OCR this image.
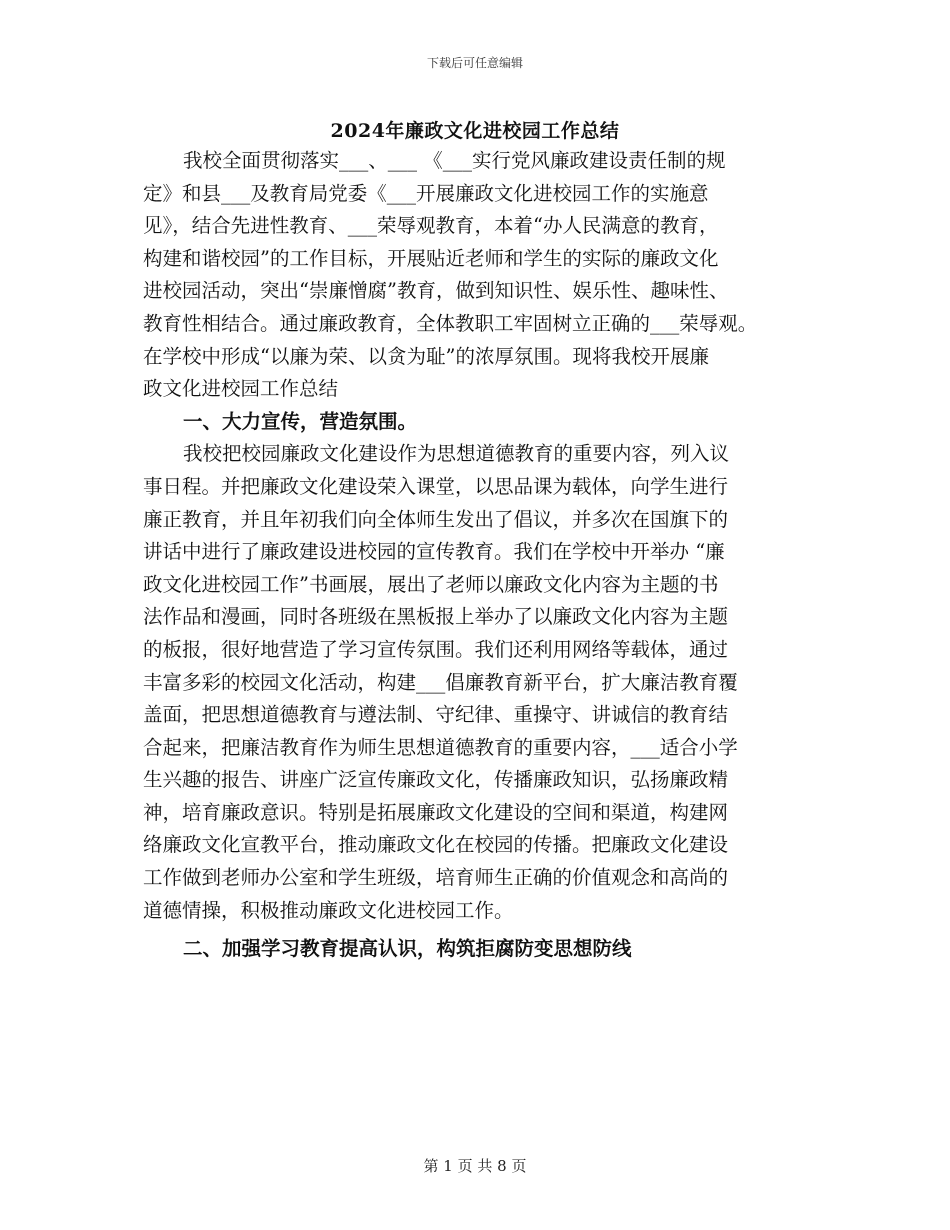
下载后可任意编辑
2024年廉政文化进校园工作总结
我校全面贯彻落实___、___ 《___实行党风廉政建设责任制的规
定》和县___及教育局党委《___开展廉政文化进校园工作的实施意
见》，结合先进性教育、___荣辱观教育，本着“办人民满意的教育，
构建和谐校园”的工作目标，开展贴近老师和学生的实际的廉政文化
进校园活动，突出“崇廉憎腐”教育，做到知识性、娱乐性、趣味性、
教育性相结合。通过廉政教育，全体教职工牢固树立正确的___荣辱观。
在学校中形成“以廉为荣、以贪为耻”的浓厚氛围。现将我校开展廉
政文化进校园工作总结
一、大力宣传，营造氛围。
我校把校园廉政文化建设作为思想道德教育的重要内容，列入议
事日程。并把廉政文化建设荣入课堂，以思品课为载体，向学生进行
廉正教育，并且年初我们向全体师生发出了倡议，并多次在国旗下的
讲话中进行了廉政建设进校园的宣传教育。我们在学校中开举办 “廉
政文化进校园工作”书画展，展出了老师以廉政文化内容为主题的书
法作品和漫画，同时各班级在黑板报上举办了以廉政文化内容为主题
的板报，很好地营造了学习宣传氛围。我们还利用网络等载体，通过
丰富多彩的校园文化活动，构建___倡廉教育新平台，扩大廉洁教育覆
盖面，把思想道德教育与遵法制、守纪律、重操守、讲诚信的教育结
合起来，把廉洁教育作为师生思想道德教育的重要内容，___适合小学
生兴趣的报告、讲座广泛宣传廉政文化，传播廉政知识，弘扬廉政精
神，培育廉政意识。特别是拓展廉政文化建设的空间和渠道，构建网
络廉政文化宣教平台，推动廉政文化在校园的传播。把廉政文化建设
工作做到老师办公室和学生班级，培育师生正确的价值观念和高尚的
道德情操，积极推动廉政文化进校园工作。
二、加强学习教育提高认识，构筑拒腐防变思想防线
第 1 页 共 8 页
